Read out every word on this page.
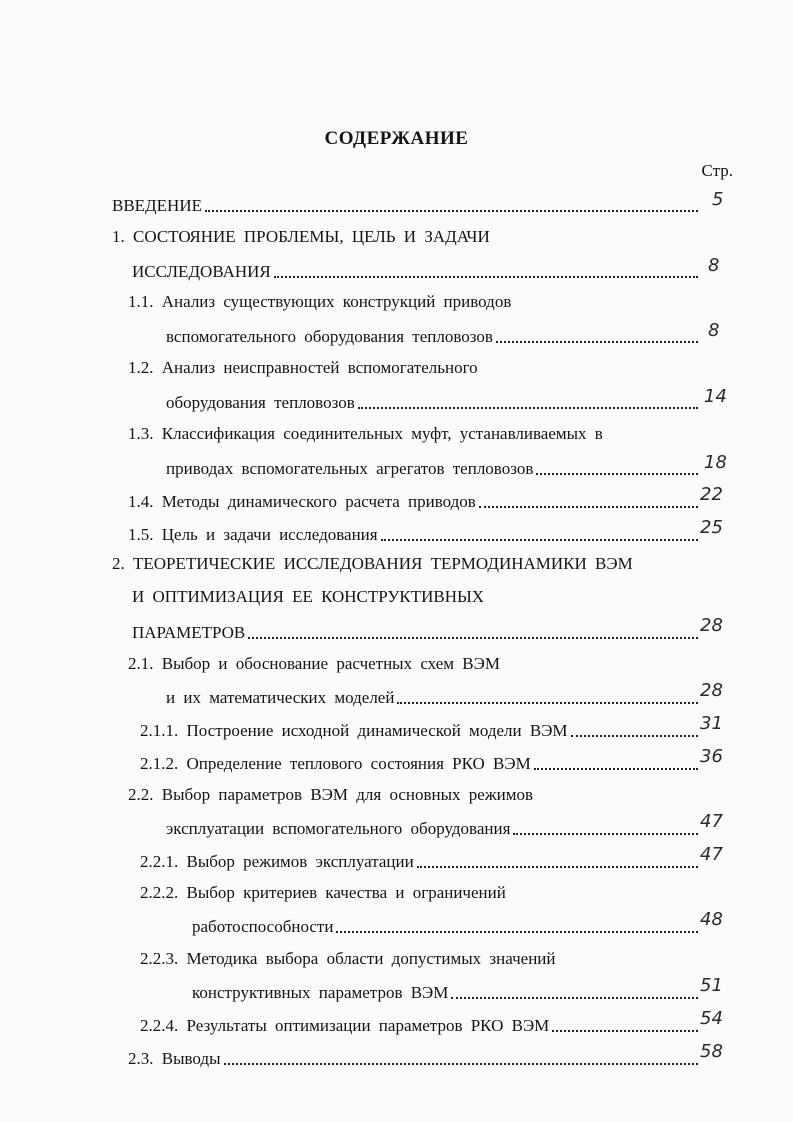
СОДЕРЖАНИЕ
Стр.
ВВЕДЕНИЕ	5
1. СОСТОЯНИЕ ПРОБЛЕМЫ, ЦЕЛЬ И ЗАДАЧИ
ИССЛЕДОВАНИЯ	8
1.1. Анализ существующих конструкций приводов
вспомогательного оборудования тепловозов	8
1.2. Анализ неисправностей вспомогательного
оборудования тепловозов	14
1.3. Классификация соединительных муфт, устанавливаемых в
приводах вспомогательных агрегатов тепловозов	18
1.4. Методы динамического расчета приводов	22
1.5. Цель и задачи исследования	25
2. ТЕОРЕТИЧЕСКИЕ ИССЛЕДОВАНИЯ ТЕРМОДИНАМИКИ ВЭМ
И ОПТИМИЗАЦИЯ ЕЕ КОНСТРУКТИВНЫХ
ПАРАМЕТРОВ	28
2.1. Выбор и обоснование расчетных схем ВЭМ
и их математических моделей	28
2.1.1. Построение исходной динамической модели ВЭМ	31
2.1.2. Определение теплового состояния РКО ВЭМ	36
2.2. Выбор параметров ВЭМ для основных режимов
эксплуатации вспомогательного оборудования	47
2.2.1. Выбор режимов эксплуатации	47
2.2.2. Выбор критериев качества и ограничений
работоспособности	48
2.2.3. Методика выбора области допустимых значений
конструктивных параметров ВЭМ	51
2.2.4. Результаты оптимизации параметров РКО ВЭМ	54
2.3. Выводы	58
